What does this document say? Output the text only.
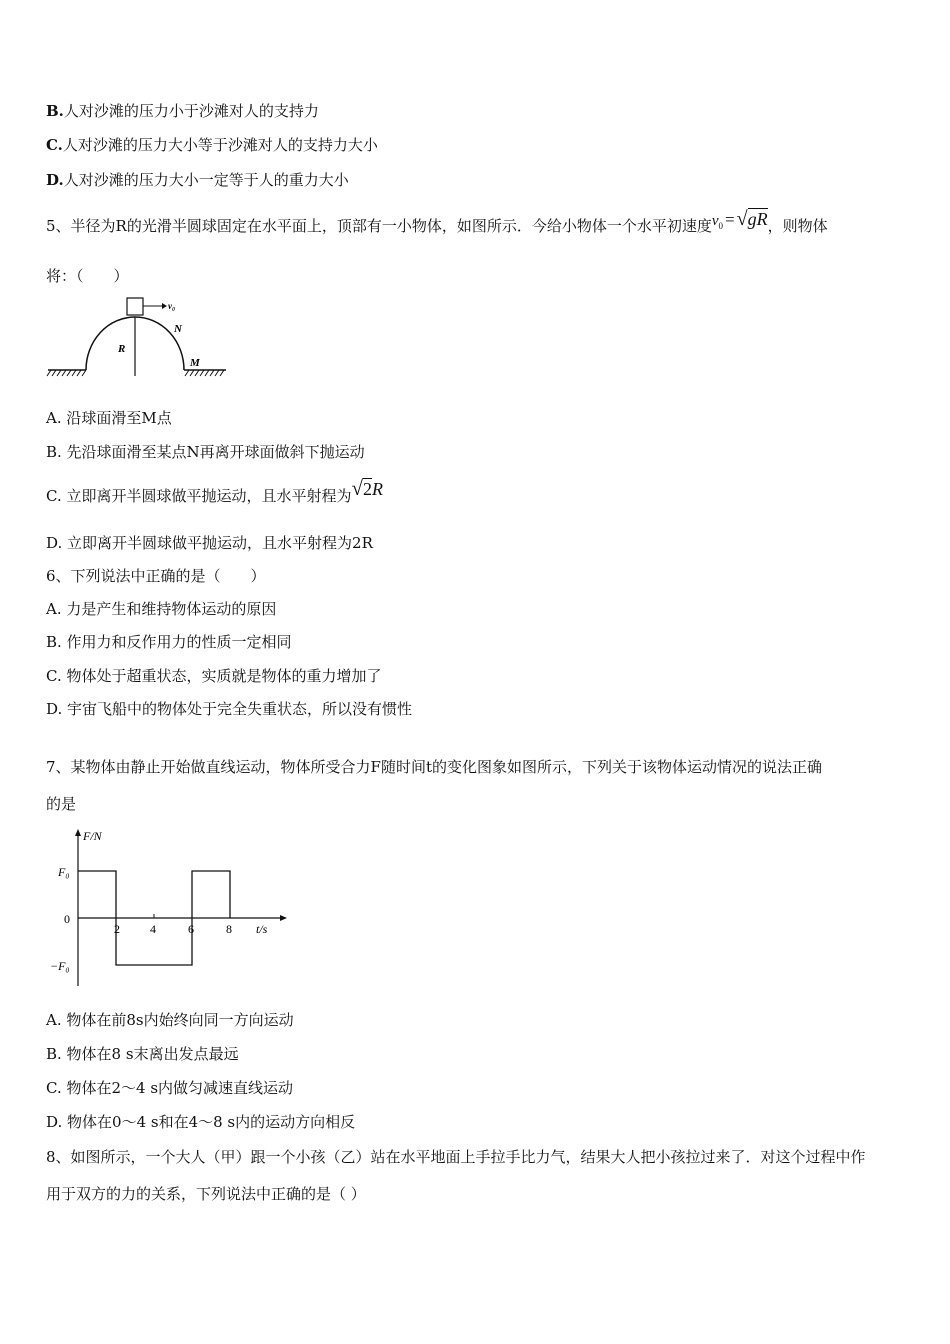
B.人对沙滩的压力小于沙滩对人的支持力
C.人对沙滩的压力大小等于沙滩对人的支持力大小
D.人对沙滩的压力大小一定等于人的重力大小
5、半径为R的光滑半圆球固定在水平面上，顶部有一小物体，如图所示．今给小物体一个水平初速度$v_0 = √gR$，则物体
将：（　　）
v₀
N
R
M
A. 沿球面滑至M点
B. 先沿球面滑至某点N再离开球面做斜下抛运动
C. 立即离开半圆球做平抛运动，且水平射程为√2R
D. 立即离开半圆球做平抛运动，且水平射程为2R
6、下列说法中正确的是（　　）
A. 力是产生和维持物体运动的原因
B. 作用力和反作用力的性质一定相同
C. 物体处于超重状态，实质就是物体的重力增加了
D. 宇宙飞船中的物体处于完全失重状态，所以没有惯性
7、某物体由静止开始做直线运动，物体所受合力F随时间t的变化图象如图所示，下列关于该物体运动情况的说法正确
的是
F/N
t/s
2	4	6	8
F₀
0
−F₀
A. 物体在前8s内始终向同一方向运动
B. 物体在8 s末离出发点最远
C. 物体在2～4 s内做匀减速直线运动
D. 物体在0～4 s和在4～8 s内的运动方向相反
8、如图所示，一个大人（甲）跟一个小孩（乙）站在水平地面上手拉手比力气，结果大人把小孩拉过来了．对这个过程中作
用于双方的力的关系，下列说法中正确的是（ ）
